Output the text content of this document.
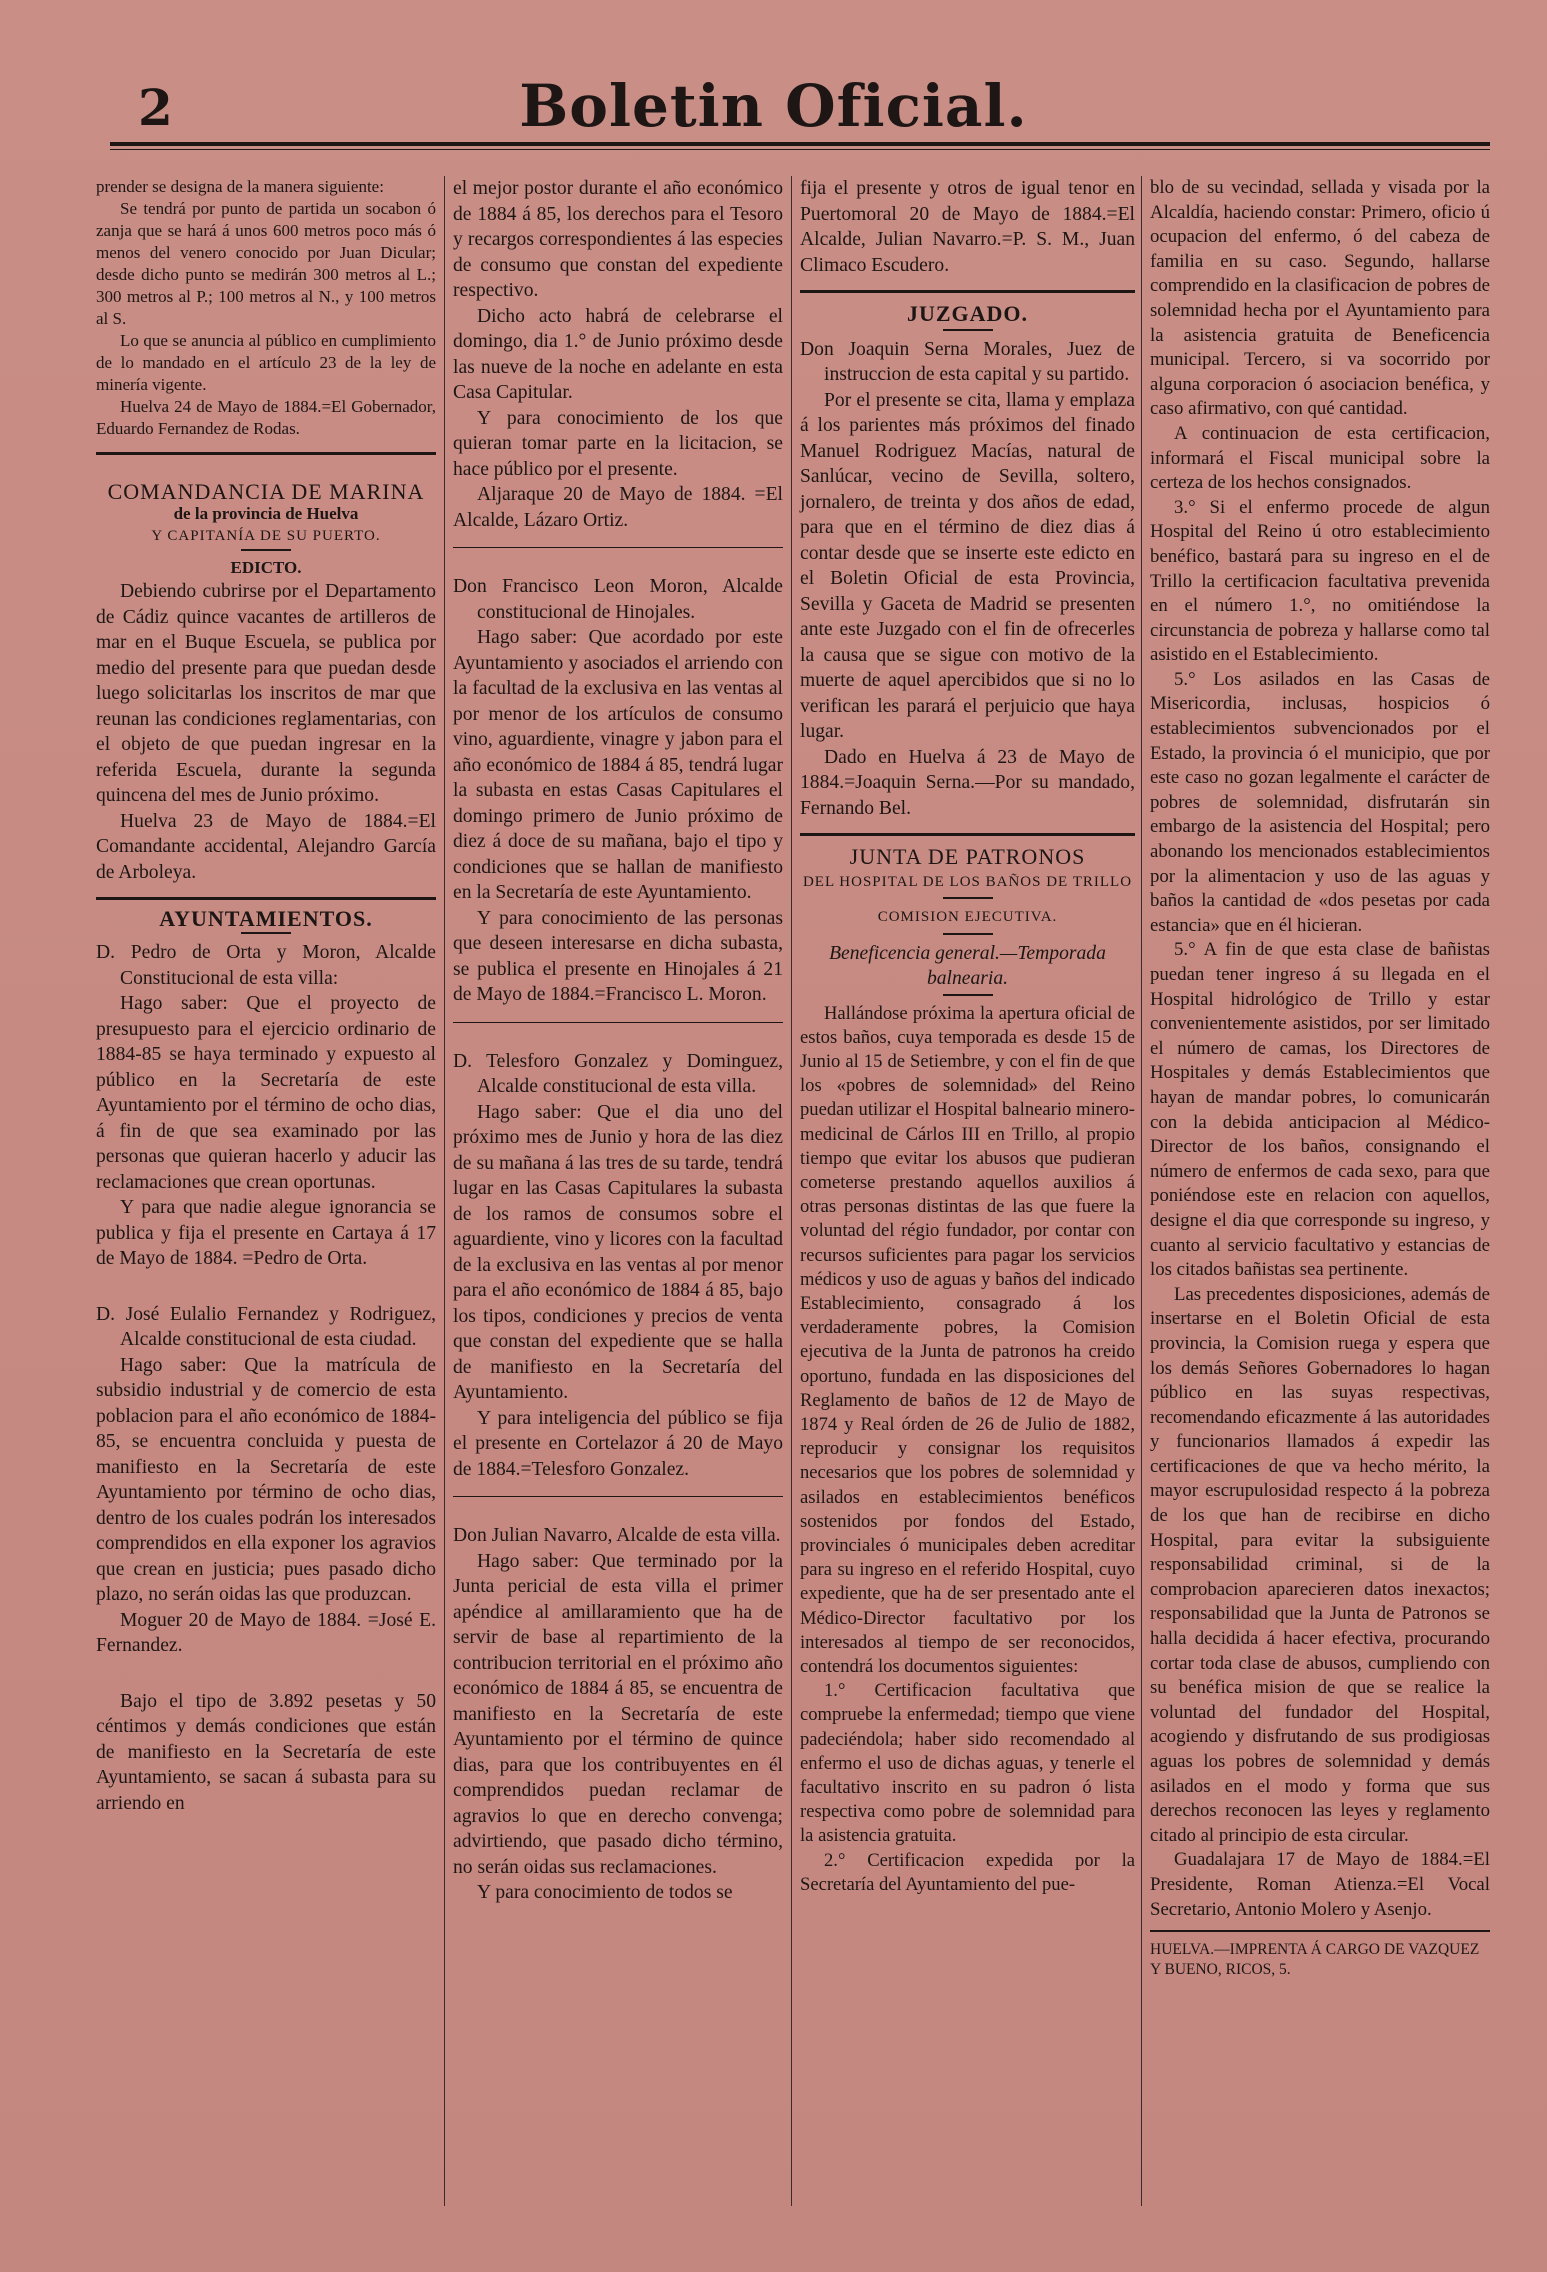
2	Boletin Oficial.

prender se designa de la manera siguiente:

Se tendrá por punto de partida un socabon ó zanja que se hará á unos 600 metros poco más ó menos del venero conocido por Juan Dicular; desde dicho punto se medirán 300 metros al L.; 300 metros al P.; 100 metros al N., y 100 metros al S.

Lo que se anuncia al público en cumplimiento de lo mandado en el artículo 23 de la ley de minería vigente.

Huelva 24 de Mayo de 1884.=El Gobernador, Eduardo Fernandez de Rodas.

COMANDANCIA DE MARINA

de la provincia de Huelva

Y CAPITANÍA DE SU PUERTO.

EDICTO.

Debiendo cubrirse por el Departamento de Cádiz quince vacantes de artilleros de mar en el Buque Escuela, se publica por medio del presente para que puedan desde luego solicitarlas los inscritos de mar que reunan las condiciones reglamentarias, con el objeto de que puedan ingresar en la referida Escuela, durante la segunda quincena del mes de Junio próximo.

Huelva 23 de Mayo de 1884.=El Comandante accidental, Alejandro García de Arboleya.

AYUNTAMIENTOS.

D. Pedro de Orta y Moron, Alcalde Constitucional de esta villa:

Hago saber: Que el proyecto de presupuesto para el ejercicio ordinario de 1884-85 se haya terminado y expuesto al público en la Secretaría de este Ayuntamiento por el término de ocho dias, á fin de que sea examinado por las personas que quieran hacerlo y aducir las reclamaciones que crean oportunas.

Y para que nadie alegue ignorancia se publica y fija el presente en Cartaya á 17 de Mayo de 1884. =Pedro de Orta.

D. José Eulalio Fernandez y Rodriguez, Alcalde constitucional de esta ciudad.

Hago saber: Que la matrícula de subsidio industrial y de comercio de esta poblacion para el año económico de 1884-85, se encuentra concluida y puesta de manifiesto en la Secretaría de este Ayuntamiento por término de ocho dias, dentro de los cuales podrán los interesados comprendidos en ella exponer los agravios que crean en justicia; pues pasado dicho plazo, no serán oidas las que produzcan.

Moguer 20 de Mayo de 1884. =José E. Fernandez.

Bajo el tipo de 3.892 pesetas y 50 céntimos y demás condiciones que están de manifiesto en la Secretaría de este Ayuntamiento, se sacan á subasta para su arriendo en

el mejor postor durante el año económico de 1884 á 85, los derechos para el Tesoro y recargos correspondientes á las especies de consumo que constan del expediente respectivo.

Dicho acto habrá de celebrarse el domingo, dia 1.° de Junio próximo desde las nueve de la noche en adelante en esta Casa Capitular.

Y para conocimiento de los que quieran tomar parte en la licitacion, se hace público por el presente.

Aljaraque 20 de Mayo de 1884. =El Alcalde, Lázaro Ortiz.

Don Francisco Leon Moron, Alcalde constitucional de Hinojales.

Hago saber: Que acordado por este Ayuntamiento y asociados el arriendo con la facultad de la exclusiva en las ventas al por menor de los artículos de consumo vino, aguardiente, vinagre y jabon para el año económico de 1884 á 85, tendrá lugar la subasta en estas Casas Capitulares el domingo primero de Junio próximo de diez á doce de su mañana, bajo el tipo y condiciones que se hallan de manifiesto en la Secretaría de este Ayuntamiento.

Y para conocimiento de las personas que deseen interesarse en dicha subasta, se publica el presente en Hinojales á 21 de Mayo de 1884.=Francisco L. Moron.

D. Telesforo Gonzalez y Dominguez, Alcalde constitucional de esta villa.

Hago saber: Que el dia uno del próximo mes de Junio y hora de las diez de su mañana á las tres de su tarde, tendrá lugar en las Casas Capitulares la subasta de los ramos de consumos sobre el aguardiente, vino y licores con la facultad de la exclusiva en las ventas al por menor para el año económico de 1884 á 85, bajo los tipos, condiciones y precios de venta que constan del expediente que se halla de manifiesto en la Secretaría del Ayuntamiento.

Y para inteligencia del público se fija el presente en Cortelazor á 20 de Mayo de 1884.=Telesforo Gonzalez.

Don Julian Navarro, Alcalde de esta villa.

Hago saber: Que terminado por la Junta pericial de esta villa el primer apéndice al amillaramiento que ha de servir de base al repartimiento de la contribucion territorial en el próximo año económico de 1884 á 85, se encuentra de manifiesto en la Secretaría de este Ayuntamiento por el término de quince dias, para que los contribuyentes en él comprendidos puedan reclamar de agravios lo que en derecho convenga; advirtiendo, que pasado dicho término, no serán oidas sus reclamaciones.

Y para conocimiento de todos se

fija el presente y otros de igual tenor en Puertomoral 20 de Mayo de 1884.=El Alcalde, Julian Navarro.=P. S. M., Juan Climaco Escudero.

JUZGADO.

Don Joaquin Serna Morales, Juez de instruccion de esta capital y su partido.

Por el presente se cita, llama y emplaza á los parientes más próximos del finado Manuel Rodriguez Macías, natural de Sanlúcar, vecino de Sevilla, soltero, jornalero, de treinta y dos años de edad, para que en el término de diez dias á contar desde que se inserte este edicto en el Boletin Oficial de esta Provincia, Sevilla y Gaceta de Madrid se presenten ante este Juzgado con el fin de ofrecerles la causa que se sigue con motivo de la muerte de aquel apercibidos que si no lo verifican les parará el perjuicio que haya lugar.

Dado en Huelva á 23 de Mayo de 1884.=Joaquin Serna.—Por su mandado, Fernando Bel.

JUNTA DE PATRONOS

DEL HOSPITAL DE LOS BAÑOS DE TRILLO

COMISION EJECUTIVA.

Beneficencia general.—Temporada balnearia.

Hallándose próxima la apertura oficial de estos baños, cuya temporada es desde 15 de Junio al 15 de Setiembre, y con el fin de que los «pobres de solemnidad» del Reino puedan utilizar el Hospital balneario minero-medicinal de Cárlos III en Trillo, al propio tiempo que evitar los abusos que pudieran cometerse prestando aquellos auxilios á otras personas distintas de las que fuere la voluntad del régio fundador, por contar con recursos suficientes para pagar los servicios médicos y uso de aguas y baños del indicado Establecimiento, consagrado á los verdaderamente pobres, la Comision ejecutiva de la Junta de patronos ha creido oportuno, fundada en las disposiciones del Reglamento de baños de 12 de Mayo de 1874 y Real órden de 26 de Julio de 1882, reproducir y consignar los requisitos necesarios que los pobres de solemnidad y asilados en establecimientos benéficos sostenidos por fondos del Estado, provinciales ó municipales deben acreditar para su ingreso en el referido Hospital, cuyo expediente, que ha de ser presentado ante el Médico-Director facultativo por los interesados al tiempo de ser reconocidos, contendrá los documentos siguientes:

1.° Certificacion facultativa que compruebe la enfermedad; tiempo que viene padeciéndola; haber sido recomendado al enfermo el uso de dichas aguas, y tenerle el facultativo inscrito en su padron ó lista respectiva como pobre de solemnidad para la asistencia gratuita.

2.° Certificacion expedida por la Secretaría del Ayuntamiento del pue-

blo de su vecindad, sellada y visada por la Alcaldía, haciendo constar: Primero, oficio ú ocupacion del enfermo, ó del cabeza de familia en su caso. Segundo, hallarse comprendido en la clasificacion de pobres de solemnidad hecha por el Ayuntamiento para la asistencia gratuita de Beneficencia municipal. Tercero, si va socorrido por alguna corporacion ó asociacion benéfica, y caso afirmativo, con qué cantidad.

A continuacion de esta certificacion, informará el Fiscal municipal sobre la certeza de los hechos consignados.

3.° Si el enfermo procede de algun Hospital del Reino ú otro establecimiento benéfico, bastará para su ingreso en el de Trillo la certificacion facultativa prevenida en el número 1.°, no omitiéndose la circunstancia de pobreza y hallarse como tal asistido en el Establecimiento.

5.° Los asilados en las Casas de Misericordia, inclusas, hospicios ó establecimientos subvencionados por el Estado, la provincia ó el municipio, que por este caso no gozan legalmente el carácter de pobres de solemnidad, disfrutarán sin embargo de la asistencia del Hospital; pero abonando los mencionados establecimientos por la alimentacion y uso de las aguas y baños la cantidad de «dos pesetas por cada estancia» que en él hicieran.

5.° A fin de que esta clase de bañistas puedan tener ingreso á su llegada en el Hospital hidrológico de Trillo y estar convenientemente asistidos, por ser limitado el número de camas, los Directores de Hospitales y demás Establecimientos que hayan de mandar pobres, lo comunicarán con la debida anticipacion al Médico-Director de los baños, consignando el número de enfermos de cada sexo, para que poniéndose este en relacion con aquellos, designe el dia que corresponde su ingreso, y cuanto al servicio facultativo y estancias de los citados bañistas sea pertinente.

Las precedentes disposiciones, además de insertarse en el Boletin Oficial de esta provincia, la Comision ruega y espera que los demás Señores Gobernadores lo hagan público en las suyas respectivas, recomendando eficazmente á las autoridades y funcionarios llamados á expedir las certificaciones de que va hecho mérito, la mayor escrupulosidad respecto á la pobreza de los que han de recibirse en dicho Hospital, para evitar la subsiguiente responsabilidad criminal, si de la comprobacion aparecieren datos inexactos; responsabilidad que la Junta de Patronos se halla decidida á hacer efectiva, procurando cortar toda clase de abusos, cumpliendo con su benéfica mision de que se realice la voluntad del fundador del Hospital, acogiendo y disfrutando de sus prodigiosas aguas los pobres de solemnidad y demás asilados en el modo y forma que sus derechos reconocen las leyes y reglamento citado al principio de esta circular.

Guadalajara 17 de Mayo de 1884.=El Presidente, Roman Atienza.=El Vocal Secretario, Antonio Molero y Asenjo.

HUELVA.—IMPRENTA Á CARGO DE VAZQUEZ Y BUENO, RICOS, 5.
